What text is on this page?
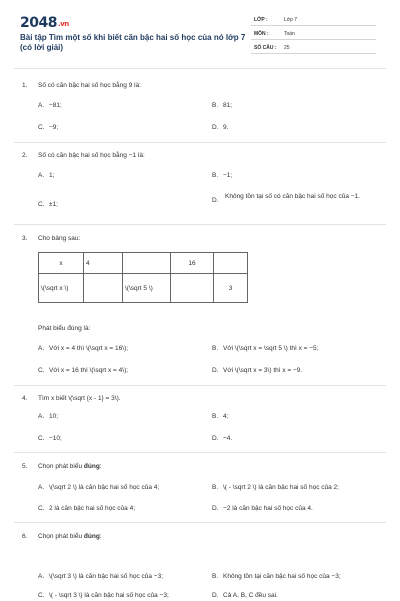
2048.vn
Bài tập Tìm một số khi biết căn bậc hai số học của nó lớp 7 (có lời giải)
LỚP :	Lớp 7
MÔN :	Toán
SỐ CÂU : 25
1. Số có căn bậc hai số học bằng 9 là:
A. −81;	B. 81;
C. −9;	D. 9.
2. Số có căn bậc hai số học bằng −1 là:
A. 1;	B. −1;
C. ±1;
D.
Không tồn tại số có căn bậc hai số học của −1.
3. Cho bảng sau:
x	4		16	
\(\sqrt x \)		\(\sqrt 5 \)		3
Phát biểu đúng là:
A. Với x = 4 thì \(\sqrt x = 16\);	B. Với \(\sqrt x = \sqrt 5 \) thì x = −5;
C. Với x = 16 thì \(\sqrt x = 4\);	D. Với \(\sqrt x = 3\) thì x = −9.
4. Tìm x biết \(\sqrt {x - 1} = 3\).
A. 10;	B. 4;
C. −10;	D. −4.
5. Chọn phát biểu đúng:
A. \(\sqrt 2 \) là căn bậc hai số học của 4;	B. \( - \sqrt 2 \) là căn bậc hai số học của 2;
C. 2 là căn bậc hai số học của 4;	D. −2 là căn bậc hai số học của 4.
6. Chọn phát biểu đúng:
A. \(\sqrt 3 \) là căn bậc hai số học của −3;	B. Không tồn tại căn bậc hai số học của −3;
C. \( - \sqrt 3 \) là căn bậc hai số học của −3;	D. Cả A, B, C đều sai.
